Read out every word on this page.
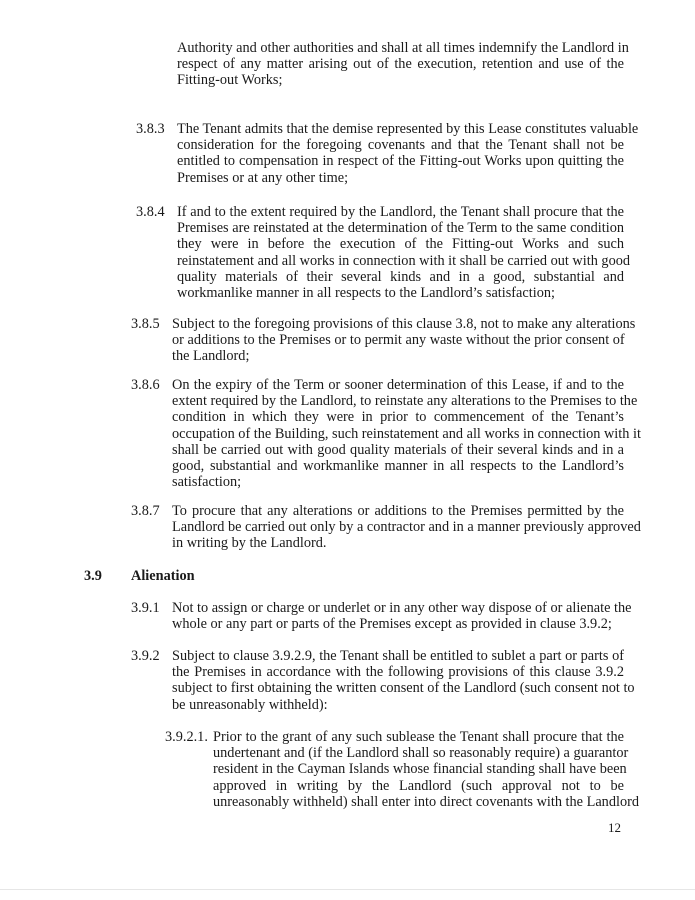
Authority and other authorities and shall at all times indemnify the Landlord in
respect of any matter arising out of the execution, retention and use of the
Fitting-out Works;
3.8.3 The Tenant admits that the demise represented by this Lease constitutes valuable
consideration for the foregoing covenants and that the Tenant shall not be
entitled to compensation in respect of the Fitting-out Works upon quitting the
Premises or at any other time;
3.8.4 If and to the extent required by the Landlord, the Tenant shall procure that the
Premises are reinstated at the determination of the Term to the same condition
they were in before the execution of the Fitting-out Works and such
reinstatement and all works in connection with it shall be carried out with good
quality materials of their several kinds and in a good, substantial and
workmanlike manner in all respects to the Landlord’s satisfaction;
3.8.5 Subject to the foregoing provisions of this clause 3.8, not to make any alterations
or additions to the Premises or to permit any waste without the prior consent of
the Landlord;
3.8.6 On the expiry of the Term or sooner determination of this Lease, if and to the
extent required by the Landlord, to reinstate any alterations to the Premises to the
condition in which they were in prior to commencement of the Tenant’s
occupation of the Building, such reinstatement and all works in connection with it
shall be carried out with good quality materials of their several kinds and in a
good, substantial and workmanlike manner in all respects to the Landlord’s
satisfaction;
3.8.7 To procure that any alterations or additions to the Premises permitted by the
Landlord be carried out only by a contractor and in a manner previously approved
in writing by the Landlord.
3.9 Alienation
3.9.1 Not to assign or charge or underlet or in any other way dispose of or alienate the
whole or any part or parts of the Premises except as provided in clause 3.9.2;
3.9.2 Subject to clause 3.9.2.9, the Tenant shall be entitled to sublet a part or parts of
the Premises in accordance with the following provisions of this clause 3.9.2
subject to first obtaining the written consent of the Landlord (such consent not to
be unreasonably withheld):
3.9.2.1. Prior to the grant of any such sublease the Tenant shall procure that the
undertenant and (if the Landlord shall so reasonably require) a guarantor
resident in the Cayman Islands whose financial standing shall have been
approved in writing by the Landlord (such approval not to be
unreasonably withheld) shall enter into direct covenants with the Landlord
12
